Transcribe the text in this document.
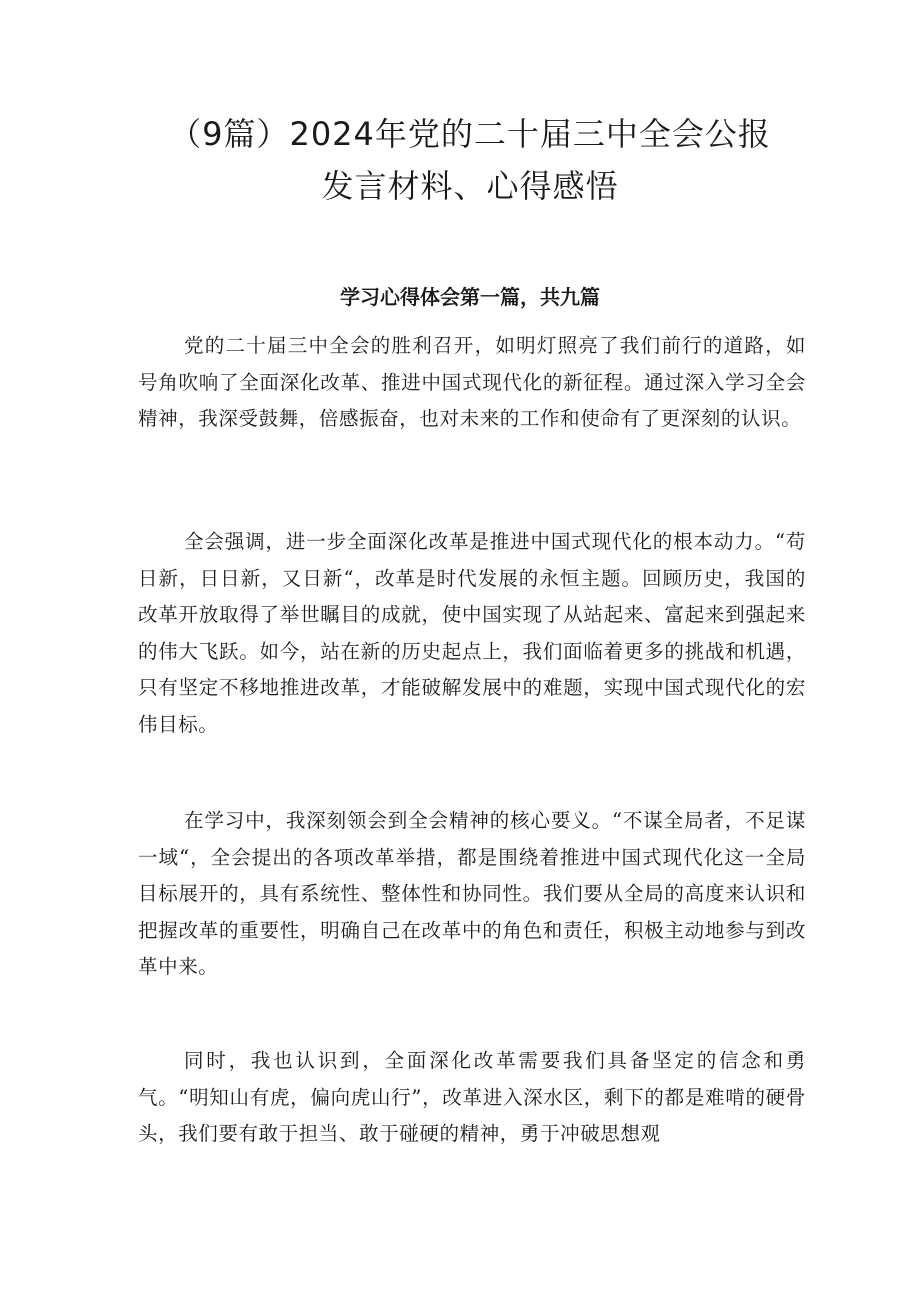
（9篇）2024年党的二十届三中全会公报
发言材料、心得感悟
学习心得体会第一篇，共九篇

党的二十届三中全会的胜利召开，如明灯照亮了我们前行的道路，如号角吹响了全面深化改革、推进中国式现代化的新征程。通过深入学习全会精神，我深受鼓舞，倍感振奋，也对未来的工作和使命有了更深刻的认识。

全会强调，进一步全面深化改革是推进中国式现代化的根本动力。“苟日新，日日新，又日新“，改革是时代发展的永恒主题。回顾历史，我国的改革开放取得了举世瞩目的成就，使中国实现了从站起来、富起来到强起来的伟大飞跃。如今，站在新的历史起点上，我们面临着更多的挑战和机遇，只有坚定不移地推进改革，才能破解发展中的难题，实现中国式现代化的宏伟目标。

在学习中，我深刻领会到全会精神的核心要义。“不谋全局者，不足谋一域“，全会提出的各项改革举措，都是围绕着推进中国式现代化这一全局目标展开的，具有系统性、整体性和协同性。我们要从全局的高度来认识和把握改革的重要性，明确自己在改革中的角色和责任，积极主动地参与到改革中来。

同时，我也认识到，全面深化改革需要我们具备坚定的信念和勇气。“明知山有虎，偏向虎山行”，改革进入深水区，剩下的都是难啃的硬骨头，我们要有敢于担当、敢于碰硬的精神，勇于冲破思想观
